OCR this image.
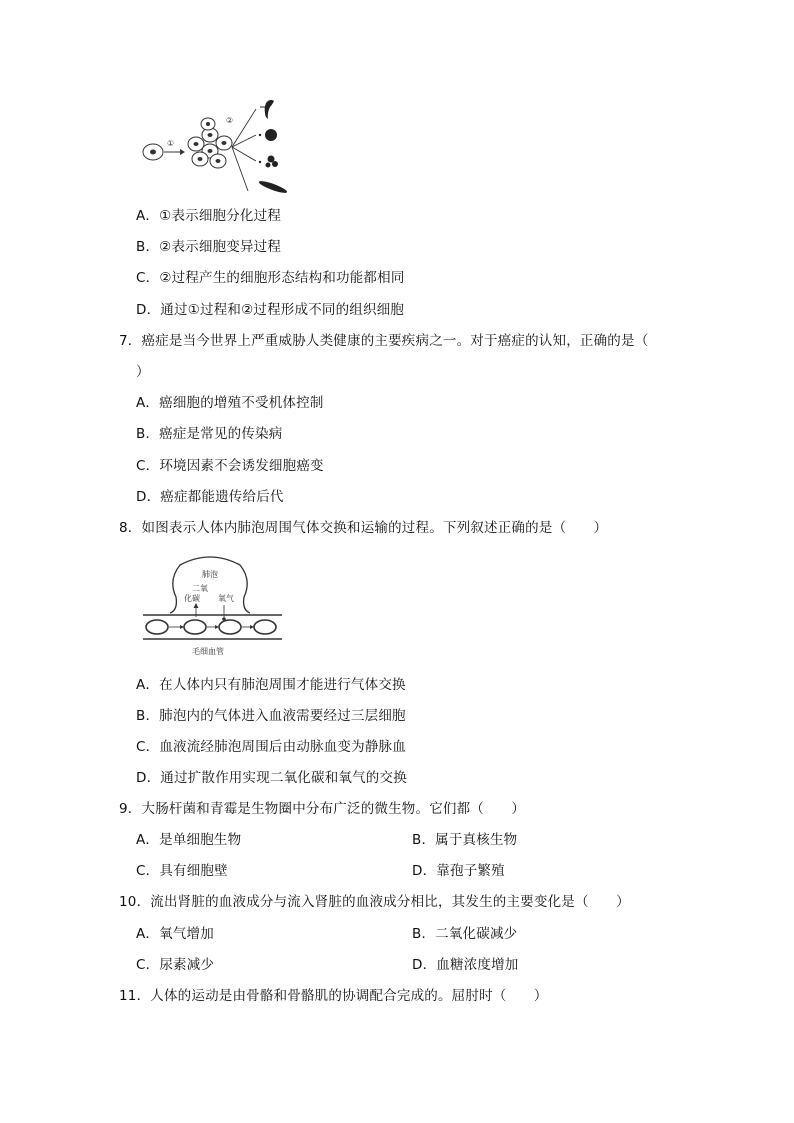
①
②
A．①表示细胞分化过程
B．②表示细胞变异过程
C．②过程产生的细胞形态结构和功能都相同
D．通过①过程和②过程形成不同的组织细胞
7．癌症是当今世界上严重威胁人类健康的主要疾病之一。对于癌症的认知，正确的是（
）
A．癌细胞的增殖不受机体控制
B．癌症是常见的传染病
C．环境因素不会诱发细胞癌变
D．癌症都能遗传给后代
8．如图表示人体内肺泡周围气体交换和运输的过程。下列叙述正确的是（　　）
肺泡
二氧
化碳 氧气
毛细血管
A．在人体内只有肺泡周围才能进行气体交换
B．肺泡内的气体进入血液需要经过三层细胞
C．血液流经肺泡周围后由动脉血变为静脉血
D．通过扩散作用实现二氧化碳和氧气的交换
9．大肠杆菌和青霉是生物圈中分布广泛的微生物。它们都（　　）
A．是单细胞生物	B．属于真核生物
C．具有细胞壁	D．靠孢子繁殖
10．流出肾脏的血液成分与流入肾脏的血液成分相比，其发生的主要变化是（　　）
A．氧气增加	B．二氧化碳减少
C．尿素减少	D．血糖浓度增加
11．人体的运动是由骨骼和骨骼肌的协调配合完成的。屈肘时（　　）
